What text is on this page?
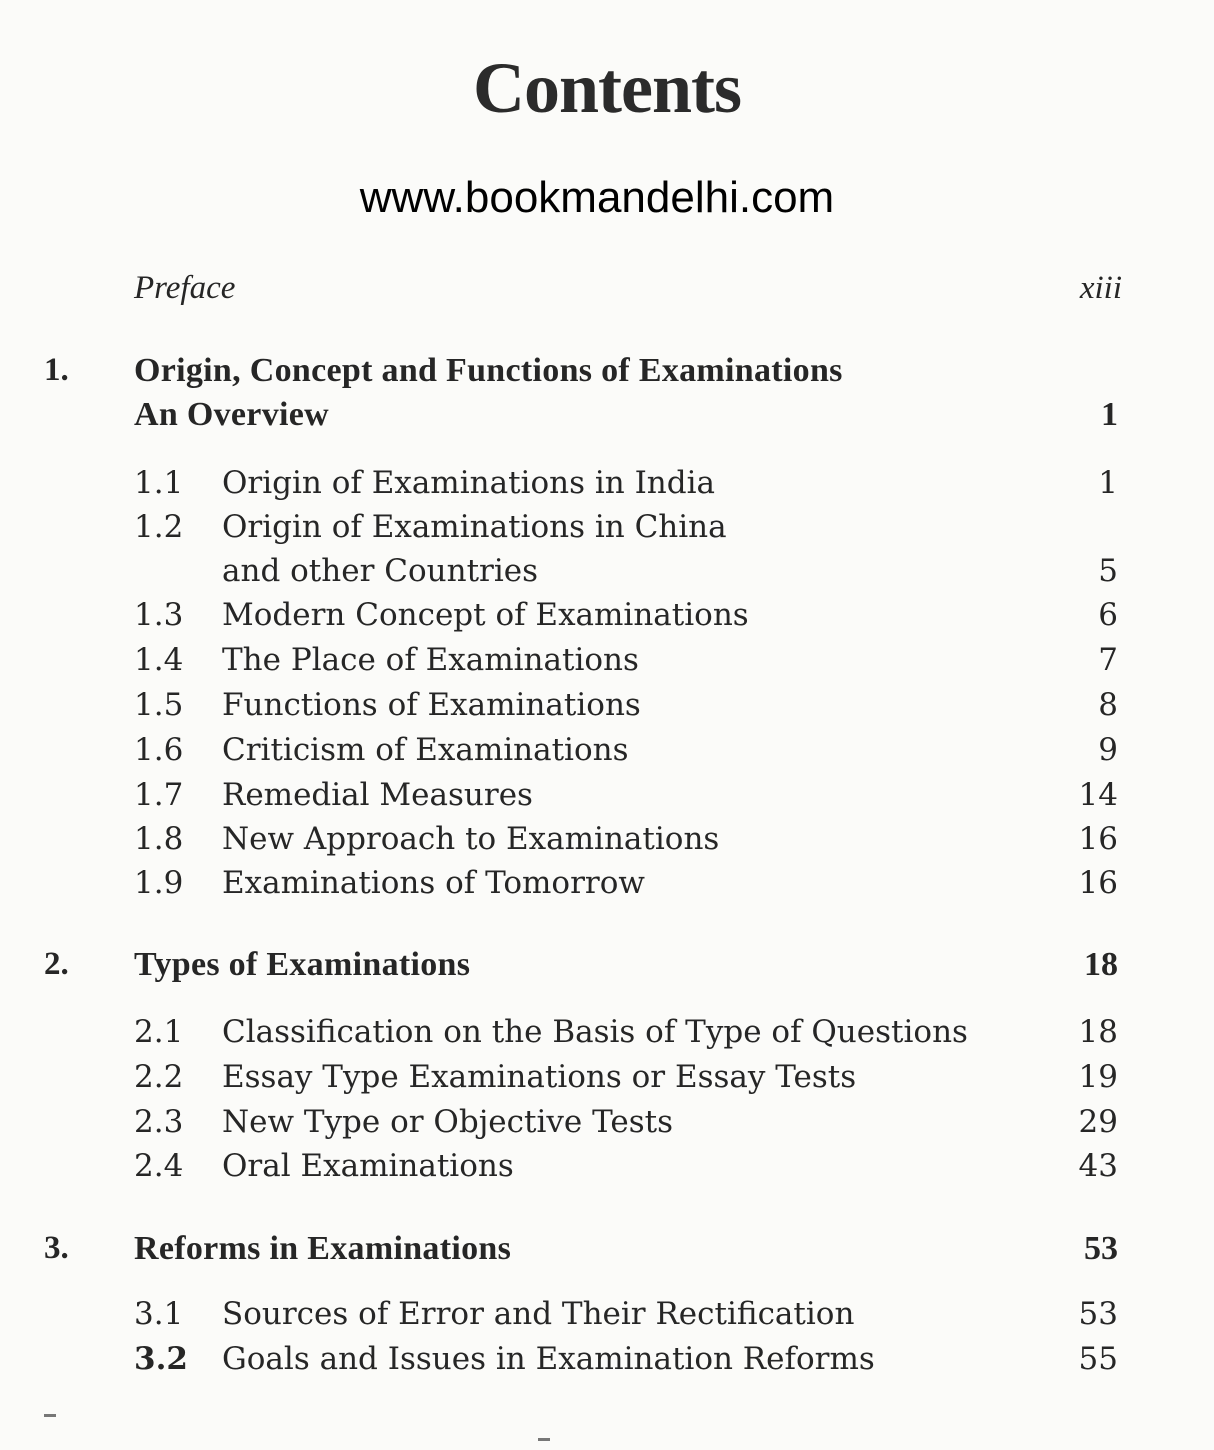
Contents
www.bookmandelhi.com
Preface	xiii
1. Origin, Concept and Functions of Examinations
An Overview	1
1.1 Origin of Examinations in India	1
1.2 Origin of Examinations in China
and other Countries	5
1.3 Modern Concept of Examinations	6
1.4 The Place of Examinations	7
1.5 Functions of Examinations	8
1.6 Criticism of Examinations	9
1.7 Remedial Measures	14
1.8 New Approach to Examinations	16
1.9 Examinations of Tomorrow	16
2. Types of Examinations	18
2.1 Classification on the Basis of Type of Questions	18
2.2 Essay Type Examinations or Essay Tests	19
2.3 New Type or Objective Tests	29
2.4 Oral Examinations	43
3. Reforms in Examinations	53
3.1 Sources of Error and Their Rectification	53
3.2 Goals and Issues in Examination Reforms	55
